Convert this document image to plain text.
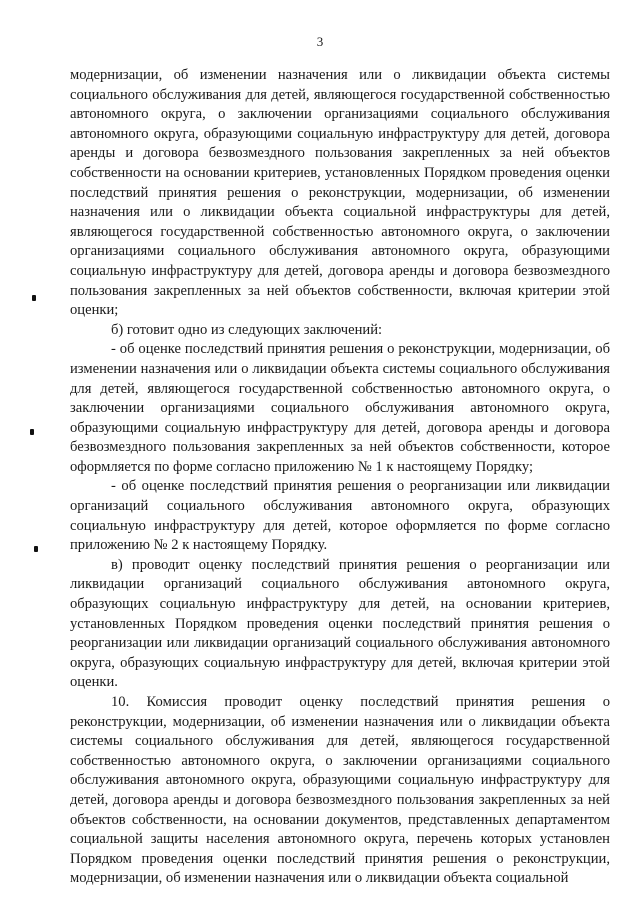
3

модернизации, об изменении назначения или о ликвидации объекта системы социального обслуживания для детей, являющегося государственной собственностью автономного округа, о заключении организациями социального обслуживания автономного округа, образующими социальную инфраструктуру для детей, договора аренды и договора безвозмездного пользования закрепленных за ней объектов собственности на основании критериев, установленных Порядком проведения оценки последствий принятия решения о реконструкции, модернизации, об изменении назначения или о ликвидации объекта социальной инфраструктуры для детей, являющегося государственной собственностью автономного округа, о заключении организациями социального обслуживания автономного округа, образующими социальную инфраструктуру для детей, договора аренды и договора безвозмездного пользования закрепленных за ней объектов собственности, включая критерии этой оценки;

б) готовит одно из следующих заключений:

- об оценке последствий принятия решения о реконструкции, модернизации, об изменении назначения или о ликвидации объекта системы социального обслуживания для детей, являющегося государственной собственностью автономного округа, о заключении организациями социального обслуживания автономного округа, образующими социальную инфраструктуру для детей, договора аренды и договора безвозмездного пользования закрепленных за ней объектов собственности, которое оформляется по форме согласно приложению № 1 к настоящему Порядку;

- об оценке последствий принятия решения о реорганизации или ликвидации организаций социального обслуживания автономного округа, образующих социальную инфраструктуру для детей, которое оформляется по форме согласно приложению № 2 к настоящему Порядку.

в) проводит оценку последствий принятия решения о реорганизации или ликвидации организаций социального обслуживания автономного округа, образующих социальную инфраструктуру для детей, на основании критериев, установленных Порядком проведения оценки последствий принятия решения о реорганизации или ликвидации организаций социального обслуживания автономного округа, образующих социальную инфраструктуру для детей, включая критерии этой оценки.

10. Комиссия проводит оценку последствий принятия решения о реконструкции, модернизации, об изменении назначения или о ликвидации объекта системы социального обслуживания для детей, являющегося государственной собственностью автономного округа, о заключении организациями социального обслуживания автономного округа, образующими социальную инфраструктуру для детей, договора аренды и договора безвозмездного пользования закрепленных за ней объектов собственности, на основании документов, представленных департаментом социальной защиты населения автономного округа, перечень которых установлен Порядком проведения оценки последствий принятия решения о реконструкции, модернизации, об изменении назначения или о ликвидации объекта социальной
